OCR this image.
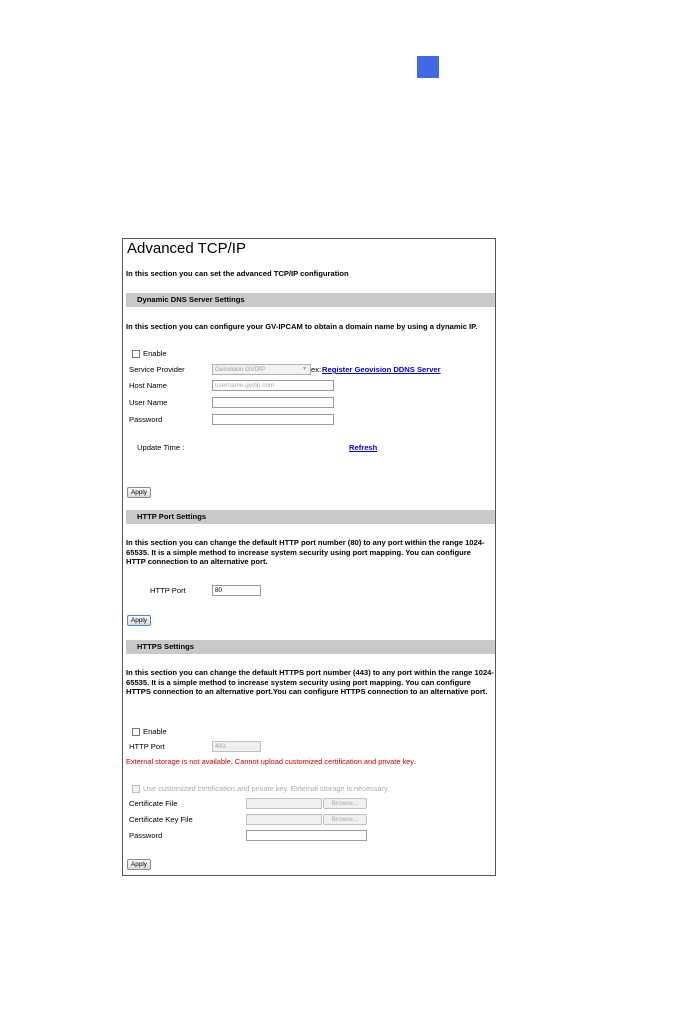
Advanced TCP/IP
In this section you can set the advanced TCP/IP configuration
Dynamic DNS Server Settings
In this section you can configure your GV-IPCAM to obtain a domain name by using a dynamic IP.
Enable
Service Provider	Geovision GVDIP	▼ ex: Register Geovision DDNS Server
Host Name	username.gvdip.com
User Name
Password
Update Time :	Refresh
Apply
HTTP Port Settings
In this section you can change the default HTTP port number (80) to any port within the range 1024-65535. It is a simple method to increase system security using port mapping. You can configure HTTP connection to an alternative port.
HTTP Port	80
Apply
HTTPS Settings
In this section you can change the default HTTPS port number (443) to any port within the range 1024-65535. It is a simple method to increase system security using port mapping. You can configure HTTPS connection to an alternative port.You can configure HTTPS connection to an alternative port.
Enable
HTTP Port	443
External storage is not available. Cannot upload customized certification and private key.
Use customized certification and private key. External storage is necessary.
Certificate File	Browse...
Certificate Key File	Browse...
Password
Apply
